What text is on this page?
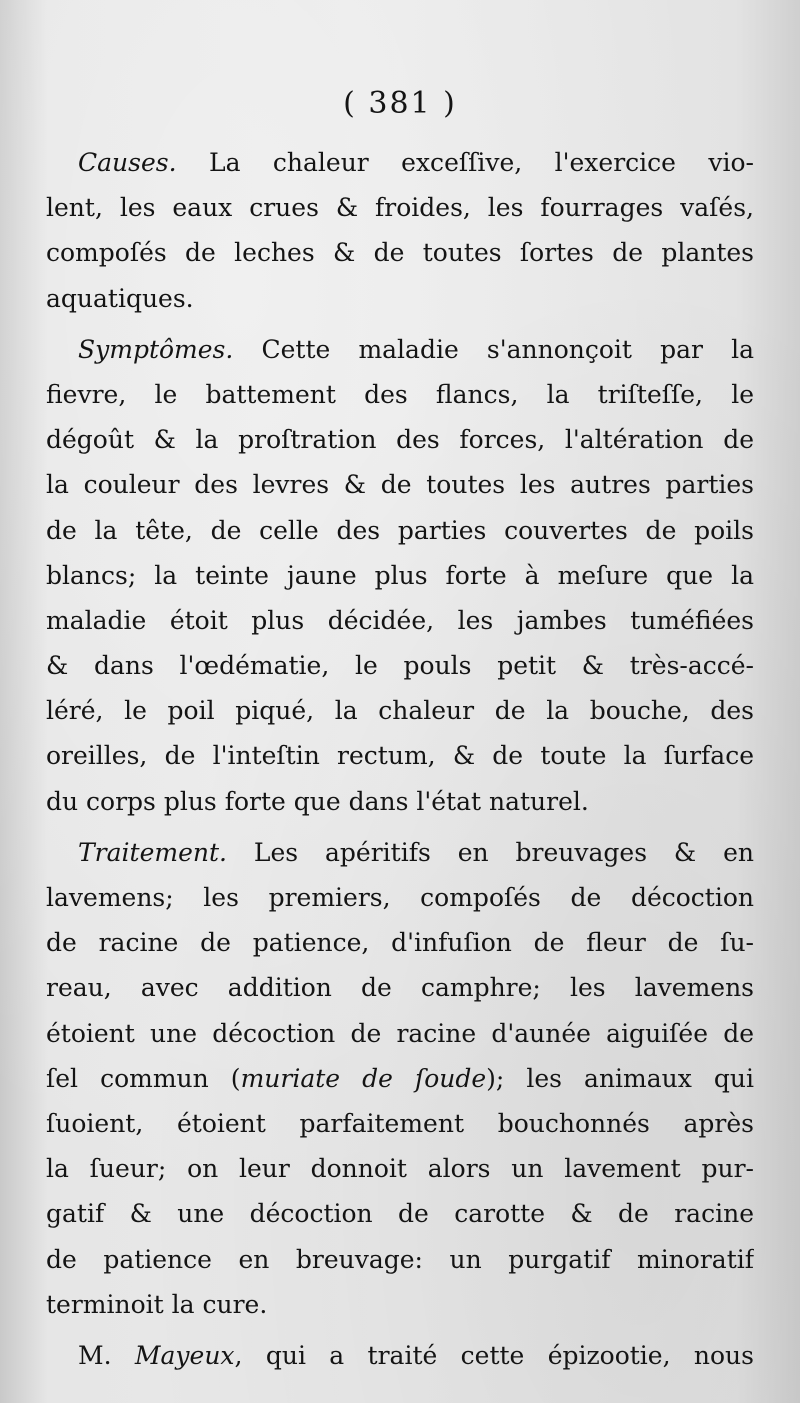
( 381 )
Causes. La chaleur exceſſive, l'exercice vio-
lent, les eaux crues & froides, les fourrages vaſés,
compoſés de leches & de toutes ſortes de plantes
aquatiques.
Symptômes. Cette maladie s'annonçoit par la
fievre, le battement des flancs, la triſteſſe, le
dégoût & la proſtration des forces, l'altération de
la couleur des levres & de toutes les autres parties
de la tête, de celle des parties couvertes de poils
blancs; la teinte jaune plus forte à meſure que la
maladie étoit plus décidée, les jambes tuméfiées
& dans l'œdématie, le pouls petit & très-accé-
léré, le poil piqué, la chaleur de la bouche, des
oreilles, de l'inteſtin rectum, & de toute la ſurface
du corps plus forte que dans l'état naturel.
Traitement. Les apéritifs en breuvages & en
lavemens; les premiers, compoſés de décoction
de racine de patience, d'infuſion de fleur de ſu-
reau, avec addition de camphre; les lavemens
étoient une décoction de racine d'aunée aiguiſée de
ſel commun (muriate de ſoude); les animaux qui
ſuoient, étoient parfaitement bouchonnés après
la ſueur; on leur donnoit alors un lavement pur-
gatif & une décoction de carotte & de racine
de patience en breuvage: un purgatif minoratif
terminoit la cure.
M. Mayeux, qui a traité cette épizootie, nous
